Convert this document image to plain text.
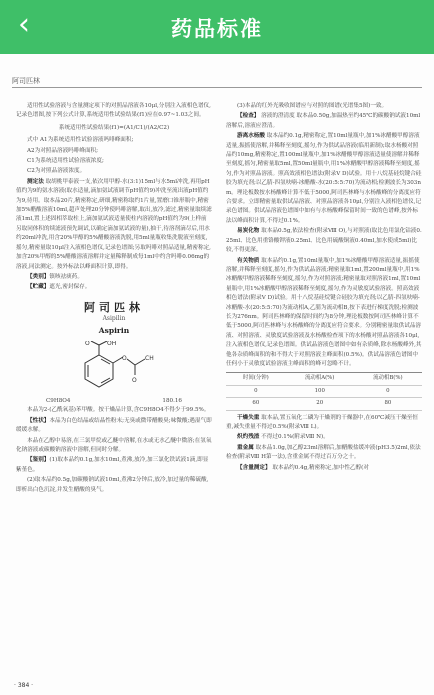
‹	药品标准
阿司匹林

适用性试验溶液与含量测定项下的对照品溶液各10μl,分别注入液相色谱仪,记录色谱图,按下列公式计算,系统适用性试验结果(f1)应在0.97~1.03之间。

系统适用性试验结果(f1)=(A1/C1)/(A2/C2)

式中 A1为系统适用性试验溶液吗啡峰面积;

A2为对照品溶液吗啡峰面积;

C1为系统适用性试验溶液浓度;

C2为对照品溶液浓度。

测定法 取胡桃甲泰液一支,依次用甲醇-水(3:1)15ml与水5ml冲洗,再用pH值约为9的氨水溶液(取水适量,滴加氨试液调节pH值约9)冲洗至流出液pH值约为9,待用。取本品20片,精密称定,研细,精密称取约1片量,置磨口锥形瓶中,精密加5%醋酸溶液10ml,超声处理20分钟使吗啡溶解,取出,放冷,滤过,精密量取续滤液1ml,置上述固相萃取柱上,滴加氨试液适量使柱内溶液的pH值约为9(上样前另取同体积的续滤液预先调试,以确定滴加氨试液的量),抽干,待溶剂滴尽后,用水约20ml冲洗,用含20%甲醇的5%醋酸溶液洗脱,用5ml量瓶收集洗脱液至刻度,摇匀,精密量取10μl注入液相色谱仪,记录色谱图;另取吗啡对照品适量,精密称定,加含20%甲醇的5%醋酸溶液溶解并定量稀释制成每1ml中约含吗啡0.06mg的溶液,同法测定。按外标法以峰面积计算,即得。

【类别】镇咳祛痰药。

【贮藏】遮光,密封保存。

阿司匹林
Asipilin
Aspirin
OH
O
O
O
CH
C9H8O4	180.16

本品为2-(乙酰氧基)苯甲酸。按干燥品计算,含C9H8O4不得少于99.5%。

【性状】本品为白色结晶或结晶性粉末;无臭或微带醋酸臭;味微酸;遇湿气即缓缓水解。

本品在乙醇中易溶,在三氯甲烷或乙醚中溶解,在水或无水乙醚中微溶;在氢氧化钠溶液或碳酸钠溶液中溶解,但同时分解。

【鉴别】(1)取本品约0.1g,加水10ml,煮沸,放冷,加三氯化铁试液1滴,即显紫堇色。

(2)取本品约0.5g,加碳酸钠试液10ml,煮沸2分钟后,放冷,加过量的稀硫酸,即析出白色沉淀,并发生醋酸的臭气。

(3)本品的红外光吸收图谱应与对照的图谱(光谱集5图)一致。

【检查】 溶液的澄清度 取本品0.50g,加温热至约45℃的碳酸钠试液10ml溶解后,溶液应澄清。

游离水杨酸 取本品约0.1g,精密称定,置10ml量瓶中,加1%冰醋酸甲醇溶液适量,振摇使溶解,并稀释至刻度,摇匀,作为供试品溶液(临用新制);取水杨酸对照品约10mg,精密称定,置100ml量瓶中,加1%冰醋酸甲醇溶液适量使溶解并稀释至刻度,摇匀,精密量取5ml,置50ml量瓶中,用1%冰醋酸甲醇溶液稀释至刻度,摇匀,作为对照品溶液。照高效液相色谱法(附录V D)试验。用十八烷基硅烷键合硅胶为填充剂;以乙腈-四氢呋喃-冰醋酸-水(20:5:5:70)为流动相;检测波长为303nm。理论板数按水杨酸峰计算不低于5000,阿司匹林峰与水杨酸峰的分离度应符合要求。立即精密量取供试品溶液、对照品溶液各10μl,分别注入液相色谱仪,记录色谱图。供试品溶液色谱图中如有与水杨酸峰保留时间一致的色谱峰,按外标法以峰面积计算,不得过0.1%。

易炭化物 取本品0.5g,依法检查(附录Ⅷ O),与对照液(取比色用氯化钴液0.25ml、比色用重铬酸钾液0.25ml、比色用硫酸铜液0.40ml,加水使成5ml)比较,不得更深。

有关物质 取本品约0.1g,置10ml量瓶中,加1%冰醋酸甲醇溶液适量,振摇使溶解,并稀释至刻度,摇匀,作为供试品溶液;精密量取1ml,置200ml量瓶中,用1%冰醋酸甲醇溶液稀释至刻度,摇匀,作为对照溶液;精密量取对照溶液1ml,置10ml量瓶中,用1%冰醋酸甲醇溶液稀释至刻度,摇匀,作为灵敏度试验溶液。照高效液相色谱法(附录V D)试验。用十八烷基硅烷键合硅胶为填充剂;以乙腈-四氢呋喃-冰醋酸-水(20:5:5:70)为流动相A,乙腈为流动相B,按下表进行梯度洗脱;检测波长为276nm。阿司匹林峰的保留时间约为8分钟,理论板数按阿司匹林峰计算不低于5000,阿司匹林峰与水杨酸峰的分离度应符合要求。分别精密量取供试品溶液、对照溶液、灵敏度试验溶液及水杨酸检查项下的水杨酸对照品溶液各10μl,注入液相色谱仪,记录色谱图。供试品溶液色谱图中如有杂质峰,除水杨酸峰外,其他各杂质峰面积的和不得大于对照溶液主峰面积(0.5%)。供试品溶液色谱图中任何小于灵敏度试验溶液主峰面积的峰可忽略不计。

时间(分钟)	流动相A(%)	流动相B(%)
0	100	0
60	20	80

干燥失重 取本品,置五氧化二磷为干燥剂的干燥器中,在60℃减压干燥至恒重,减失重量不得过0.5%(附录Ⅷ L)。

炽灼残渣 不得过0.1%(附录Ⅷ N)。

重金属 取本品1.0g,加乙醇23ml溶解后,加醋酸盐缓冲液(pH3.5)2ml,依法检查(附录Ⅷ H第一法),含重金属不得过百万分之十。

【含量测定】 取本品约0.4g,精密称定,加中性乙醇(对

· 384 ·
